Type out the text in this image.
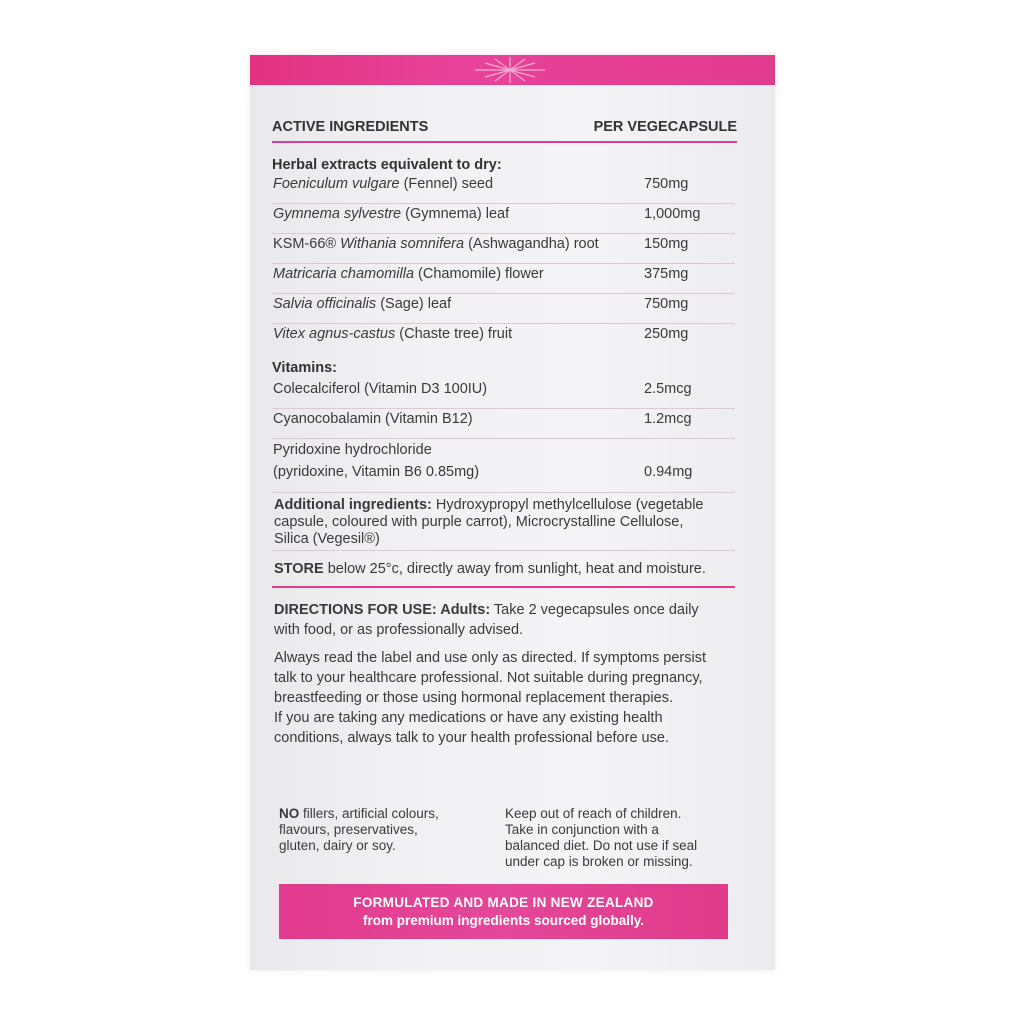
ACTIVE INGREDIENTS	PER VEGECAPSULE
Herbal extracts equivalent to dry:
Foeniculum vulgare (Fennel) seed	750mg
Gymnema sylvestre (Gymnema) leaf	1,000mg
KSM-66® Withania somnifera (Ashwagandha) root	150mg
Matricaria chamomilla (Chamomile) flower	375mg
Salvia officinalis (Sage) leaf	750mg
Vitex agnus-castus (Chaste tree) fruit	250mg
Vitamins:
Colecalciferol (Vitamin D3 100IU)	2.5mcg
Cyanocobalamin (Vitamin B12)	1.2mcg
Pyridoxine hydrochloride
(pyridoxine, Vitamin B6 0.85mg)	0.94mg
Additional ingredients: Hydroxypropyl methylcellulose (vegetable
capsule, coloured with purple carrot), Microcrystalline Cellulose,
Silica (Vegesil®)
STORE below 25°c, directly away from sunlight, heat and moisture.
DIRECTIONS FOR USE: Adults: Take 2 vegecapsules once daily
with food, or as professionally advised.
Always read the label and use only as directed. If symptoms persist
talk to your healthcare professional. Not suitable during pregnancy,
breastfeeding or those using hormonal replacement therapies.
If you are taking any medications or have any existing health
conditions, always talk to your health professional before use.
NO fillers, artificial colours,
flavours, preservatives,
gluten, dairy or soy.
Keep out of reach of children.
Take in conjunction with a
balanced diet. Do not use if seal
under cap is broken or missing.
FORMULATED AND MADE IN NEW ZEALAND
from premium ingredients sourced globally.
